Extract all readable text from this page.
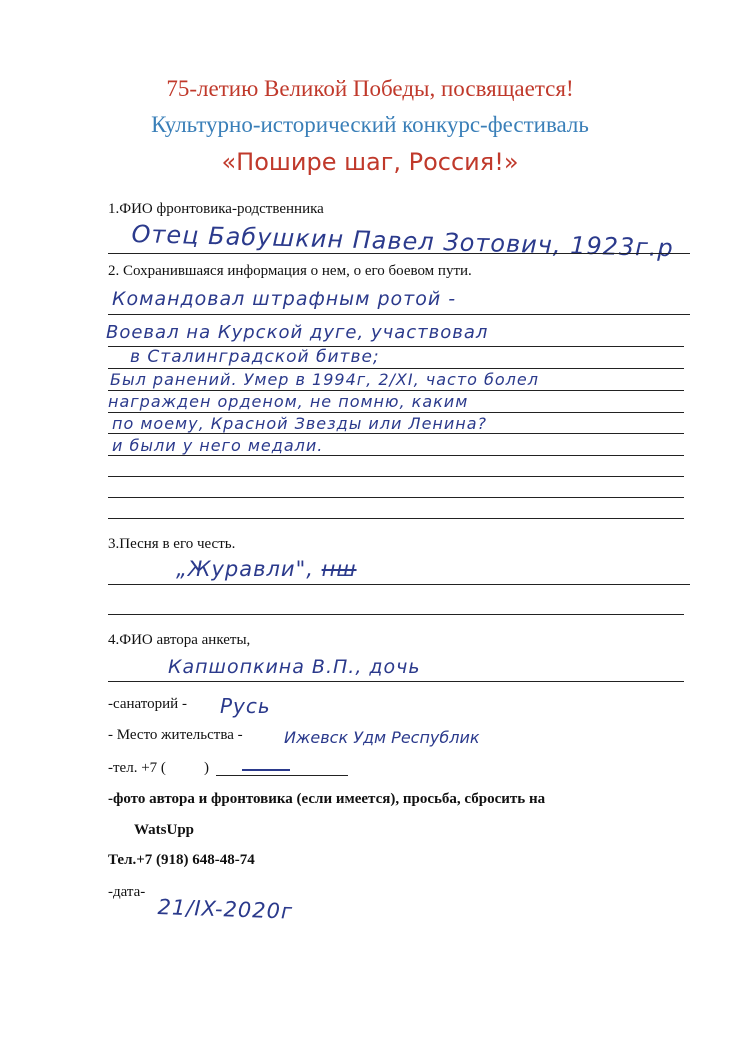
75-летию Великой Победы, посвящается!
Культурно-исторический конкурс-фестиваль
«Пошире шаг, Россия!»
1.ФИО фронтовика-родственника
Отец Бабушкин Павел Зотович, 1923г.р
2. Сохранившаяся информация о нем, о его боевом пути.
Командовал штрафным ротой -
Воевал на Курской дуге, участвовал
в Сталинградской битве;
Был ранений. Умер в 1994г, 2/XI, часто болел
награжден орденом, не помню, каким
по моему, Красной Звезды или Ленина?
и были у него медали.
3.Песня в его честь.
„Журавли", нш
4.ФИО автора анкеты,
Капшопкина В.П., дочь
-санаторий - Русь
- Место жительства -	Ижевск Удм Республик
-тел. +7 (	)
-фото автора и фронтовика (если имеется), просьба, сбросить на
WatsUpp
Тел.+7 (918) 648-48-74
-дата-
21/IX-2020г
